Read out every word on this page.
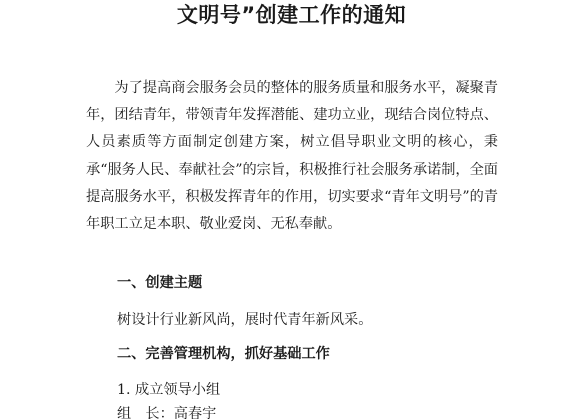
文明号”创建工作的通知

为了提高商会服务会员的整体的服务质量和服务水平，凝聚青年，团结青年，带领青年发挥潜能、建功立业，现结合岗位特点、人员素质等方面制定创建方案，树立倡导职业文明的核心，秉承“服务人民、奉献社会”的宗旨，积极推行社会服务承诺制，全面提高服务水平，积极发挥青年的作用，切实要求“青年文明号”的青年职工立足本职、敬业爱岗、无私奉献。

一、创建主题

树设计行业新风尚，展时代青年新风采。

二、完善管理机构，抓好基础工作

1. 成立领导小组

组　长：高春宇
